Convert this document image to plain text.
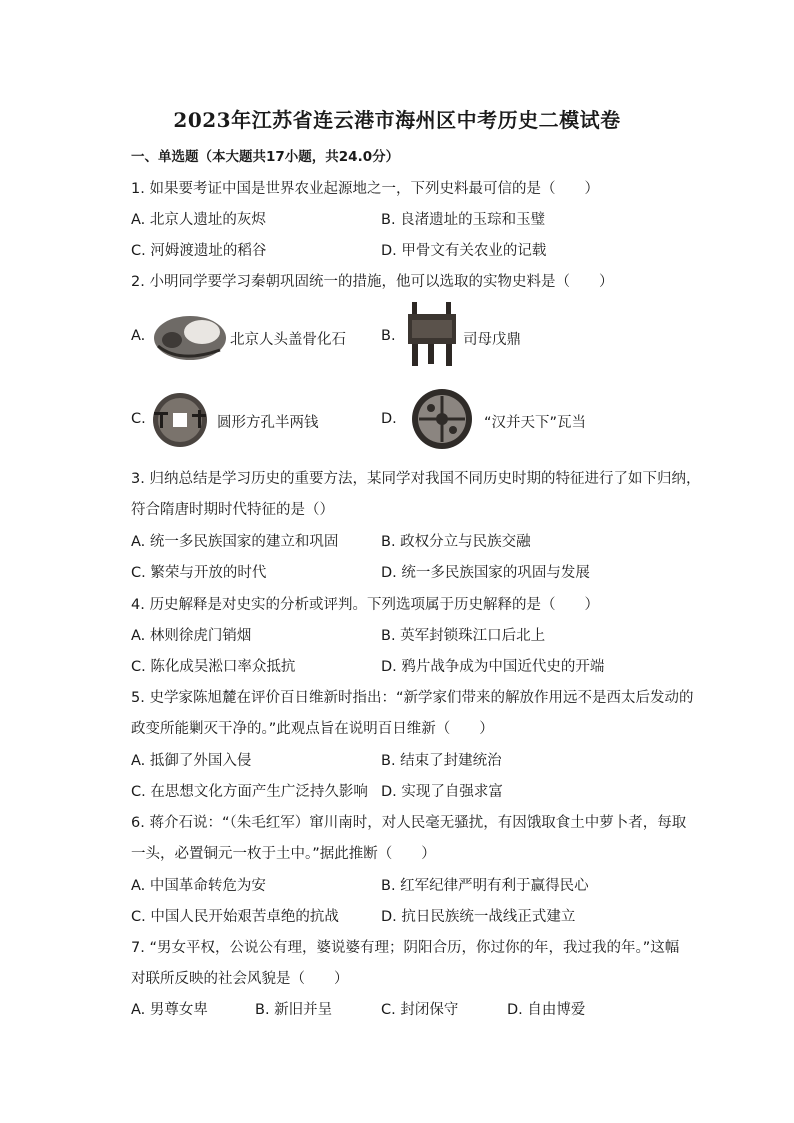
2023年江苏省连云港市海州区中考历史二模试卷
一、单选题（本大题共17小题，共24.0分）
1. 如果要考证中国是世界农业起源地之一，下列史料最可信的是（　　）
A. 北京人遗址的灰烬	B. 良渚遗址的玉琮和玉璧
C. 河姆渡遗址的稻谷	D. 甲骨文有关农业的记载
2. 小明同学要学习秦朝巩固统一的措施，他可以选取的实物史料是（　　）
A.	北京人头盖骨化石 B.	司母戊鼎
C.	圆形方孔半两钱	D.	“汉并天下”瓦当
3. 归纳总结是学习历史的重要方法，某同学对我国不同历史时期的特征进行了如下归纳，
符合隋唐时期时代特征的是（）
A. 统一多民族国家的建立和巩固	B. 政权分立与民族交融
C. 繁荣与开放的时代	D. 统一多民族国家的巩固与发展
4. 历史解释是对史实的分析或评判。下列选项属于历史解释的是（　　）
A. 林则徐虎门销烟	B. 英军封锁珠江口后北上
C. 陈化成吴淞口率众抵抗	D. 鸦片战争成为中国近代史的开端
5. 史学家陈旭麓在评价百日维新时指出：“新学家们带来的解放作用远不是西太后发动的
政变所能剿灭干净的。”此观点旨在说明百日维新（　　）
A. 抵御了外国入侵	B. 结束了封建统治
C. 在思想文化方面产生广泛持久影响 D. 实现了自强求富
6. 蒋介石说：“（朱毛红军）窜川南时，对人民毫无骚扰，有因饿取食土中萝卜者，每取
一头，必置铜元一枚于土中。”据此推断（　　）
A. 中国革命转危为安	B. 红军纪律严明有利于赢得民心
C. 中国人民开始艰苦卓绝的抗战	D. 抗日民族统一战线正式建立
7. “男女平权，公说公有理，婆说婆有理；阴阳合历，你过你的年，我过我的年。”这幅
对联所反映的社会风貌是（　　）
A. 男尊女卑	B. 新旧并呈	C. 封闭保守	D. 自由博爱
